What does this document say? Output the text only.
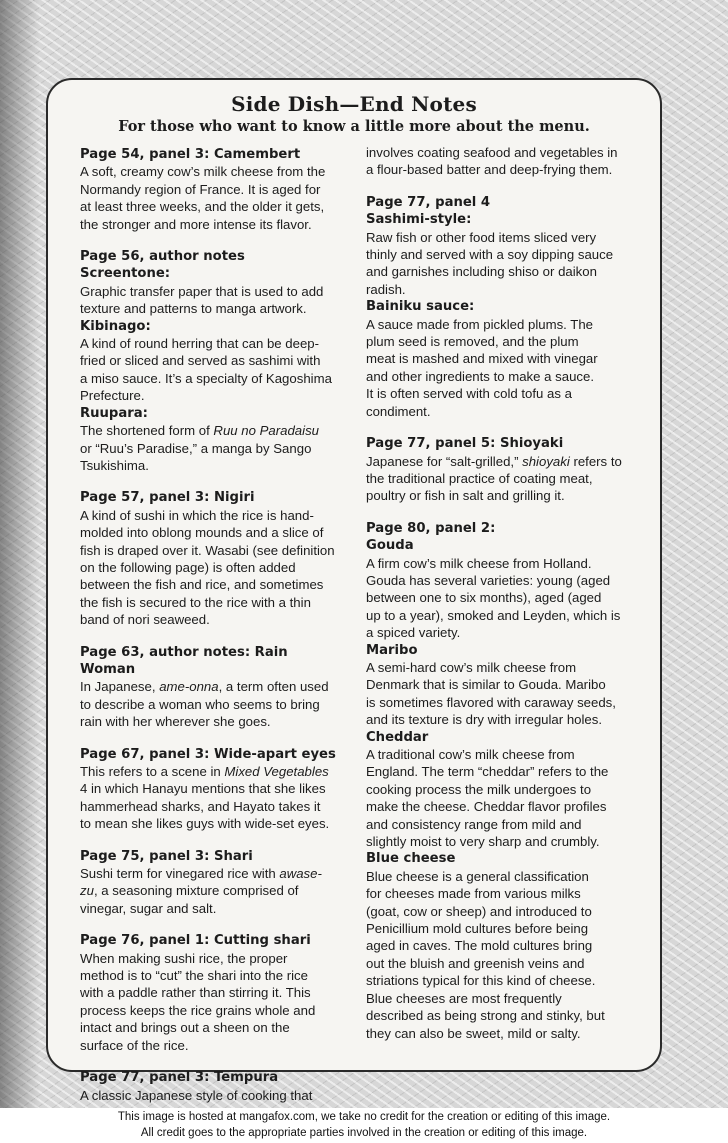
Side Dish—End Notes
For those who want to know a little more about the menu.
Page 54, panel 3: Camembert
A soft, creamy cow’s milk cheese from the
Normandy region of France. It is aged for
at least three weeks, and the older it gets,
the stronger and more intense its flavor.
Page 56, author notes
Screentone:
Graphic transfer paper that is used to add
texture and patterns to manga artwork.
Kibinago:
A kind of round herring that can be deep-
fried or sliced and served as sashimi with
a miso sauce. It’s a specialty of Kagoshima
Prefecture.
Ruupara:
The shortened form of Ruu no Paradaisu
or “Ruu’s Paradise,” a manga by Sango
Tsukishima.
Page 57, panel 3: Nigiri
A kind of sushi in which the rice is hand-
molded into oblong mounds and a slice of
fish is draped over it. Wasabi (see definition
on the following page) is often added
between the fish and rice, and sometimes
the fish is secured to the rice with a thin
band of nori seaweed.
Page 63, author notes: Rain Woman
In Japanese, ame-onna, a term often used
to describe a woman who seems to bring
rain with her wherever she goes.
Page 67, panel 3: Wide-apart eyes
This refers to a scene in Mixed Vegetables
4 in which Hanayu mentions that she likes
hammerhead sharks, and Hayato takes it
to mean she likes guys with wide-set eyes.
Page 75, panel 3: Shari
Sushi term for vinegared rice with awase-
zu, a seasoning mixture comprised of
vinegar, sugar and salt.
Page 76, panel 1: Cutting shari
When making sushi rice, the proper
method is to “cut” the shari into the rice
with a paddle rather than stirring it. This
process keeps the rice grains whole and
intact and brings out a sheen on the
surface of the rice.
Page 77, panel 3: Tempura
A classic Japanese style of cooking that
involves coating seafood and vegetables in
a flour-based batter and deep-frying them.
Page 77, panel 4
Sashimi-style:
Raw fish or other food items sliced very
thinly and served with a soy dipping sauce
and garnishes including shiso or daikon
radish.
Bainiku sauce:
A sauce made from pickled plums. The
plum seed is removed, and the plum
meat is mashed and mixed with vinegar
and other ingredients to make a sauce.
It is often served with cold tofu as a
condiment.
Page 77, panel 5: Shioyaki
Japanese for “salt-grilled,” shioyaki refers to
the traditional practice of coating meat,
poultry or fish in salt and grilling it.
Page 80, panel 2:
Gouda
A firm cow’s milk cheese from Holland.
Gouda has several varieties: young (aged
between one to six months), aged (aged
up to a year), smoked and Leyden, which is
a spiced variety.
Maribo
A semi-hard cow’s milk cheese from
Denmark that is similar to Gouda. Maribo
is sometimes flavored with caraway seeds,
and its texture is dry with irregular holes.
Cheddar
A traditional cow’s milk cheese from
England. The term “cheddar” refers to the
cooking process the milk undergoes to
make the cheese. Cheddar flavor profiles
and consistency range from mild and
slightly moist to very sharp and crumbly.
Blue cheese
Blue cheese is a general classification
for cheeses made from various milks
(goat, cow or sheep) and introduced to
Penicillium mold cultures before being
aged in caves. The mold cultures bring
out the bluish and greenish veins and
striations typical for this kind of cheese.
Blue cheeses are most frequently
described as being strong and stinky, but
they can also be sweet, mild or salty.
This image is hosted at mangafox.com, we take no credit for the creation or editing of this image.
All credit goes to the appropriate parties involved in the creation or editing of this image.
